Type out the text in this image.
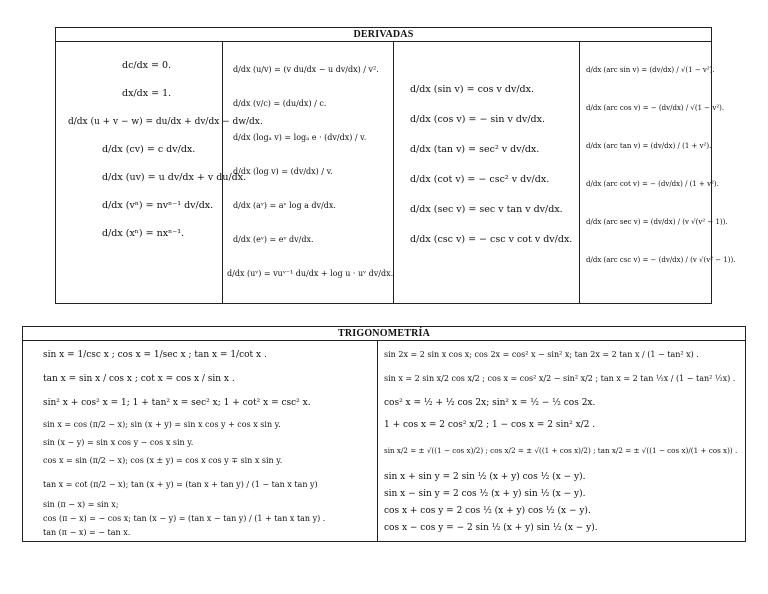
DERIVADAS
dc/dx = 0.
dx/dx = 1.
d/dx (u + v − w) = du/dx + dv/dx − dw/dx.
d/dx (cv) = c dv/dx.
d/dx (uv) = u dv/dx + v du/dx.
d/dx (vⁿ) = nvⁿ⁻¹ dv/dx.
d/dx (xⁿ) = nxⁿ⁻¹.
d/dx (u/v) = (v du/dx − u dv/dx) / v².
d/dx (v/c) = (du/dx) / c.
d/dx (logₐ v) = logₐ e · (dv/dx) / v.
d/dx (log v) = (dv/dx) / v.
d/dx (aᵛ) = aᵛ log a dv/dx.
d/dx (eᵛ) = eᵛ dv/dx.
d/dx (uᵛ) = vuᵛ⁻¹ du/dx + log u · uᵛ dv/dx.
d/dx (sin v) = cos v dv/dx.
d/dx (cos v) = − sin v dv/dx.
d/dx (tan v) = sec² v dv/dx.
d/dx (cot v) = − csc² v dv/dx.
d/dx (sec v) = sec v tan v dv/dx.
d/dx (csc v) = − csc v cot v dv/dx.
d/dx (arc sin v) = (dv/dx) / √(1 − v²).
d/dx (arc cos v) = − (dv/dx) / √(1 − v²).
d/dx (arc tan v) = (dv/dx) / (1 + v²).
d/dx (arc cot v) = − (dv/dx) / (1 + v²).
d/dx (arc sec v) = (dv/dx) / (v √(v² − 1)).
d/dx (arc csc v) = − (dv/dx) / (v √(v² − 1)).
TRIGONOMETRÍA
sin x = 1/csc x ; cos x = 1/sec x ; tan x = 1/cot x .
tan x = sin x / cos x ; cot x = cos x / sin x .
sin² x + cos² x = 1; 1 + tan² x = sec² x; 1 + cot² x = csc² x.
sin x = cos (π/2 − x); sin (x + y) = sin x cos y + cos x sin y.
sin (x − y) = sin x cos y − cos x sin y.
cos x = sin (π/2 − x); cos (x ± y) = cos x cos y ∓ sin x sin y.
tan x = cot (π/2 − x); tan (x + y) = (tan x + tan y) / (1 − tan x tan y)
sin (π − x) = sin x;
cos (π − x) = − cos x; tan (x − y) = (tan x − tan y) / (1 + tan x tan y) .
tan (π − x) = − tan x.
sin 2x = 2 sin x cos x; cos 2x = cos² x − sin² x; tan 2x = 2 tan x / (1 − tan² x) .
sin x = 2 sin x/2 cos x/2 ; cos x = cos² x/2 − sin² x/2 ; tan x = 2 tan ½x / (1 − tan² ½x) .
cos² x = ½ + ½ cos 2x; sin² x = ½ − ½ cos 2x.
1 + cos x = 2 cos² x/2 ; 1 − cos x = 2 sin² x/2 .
sin x/2 = ± √((1 − cos x)/2) ; cos x/2 = ± √((1 + cos x)/2) ; tan x/2 = ± √((1 − cos x)/(1 + cos x)) .
sin x + sin y = 2 sin ½ (x + y) cos ½ (x − y).
sin x − sin y = 2 cos ½ (x + y) sin ½ (x − y).
cos x + cos y = 2 cos ½ (x + y) cos ½ (x − y).
cos x − cos y = − 2 sin ½ (x + y) sin ½ (x − y).
